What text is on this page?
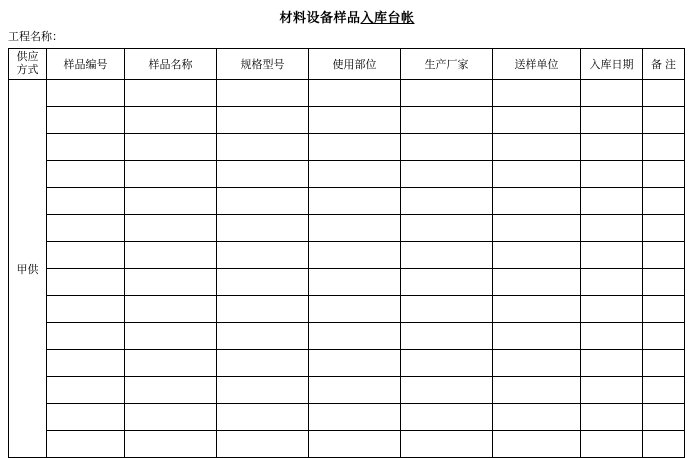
材料设备样品入库台帐
工程名称：
供应
方式	样品编号	样品名称	规格型号	使用部位	生产厂家	送样单位	入库日期	备 注
甲供								
